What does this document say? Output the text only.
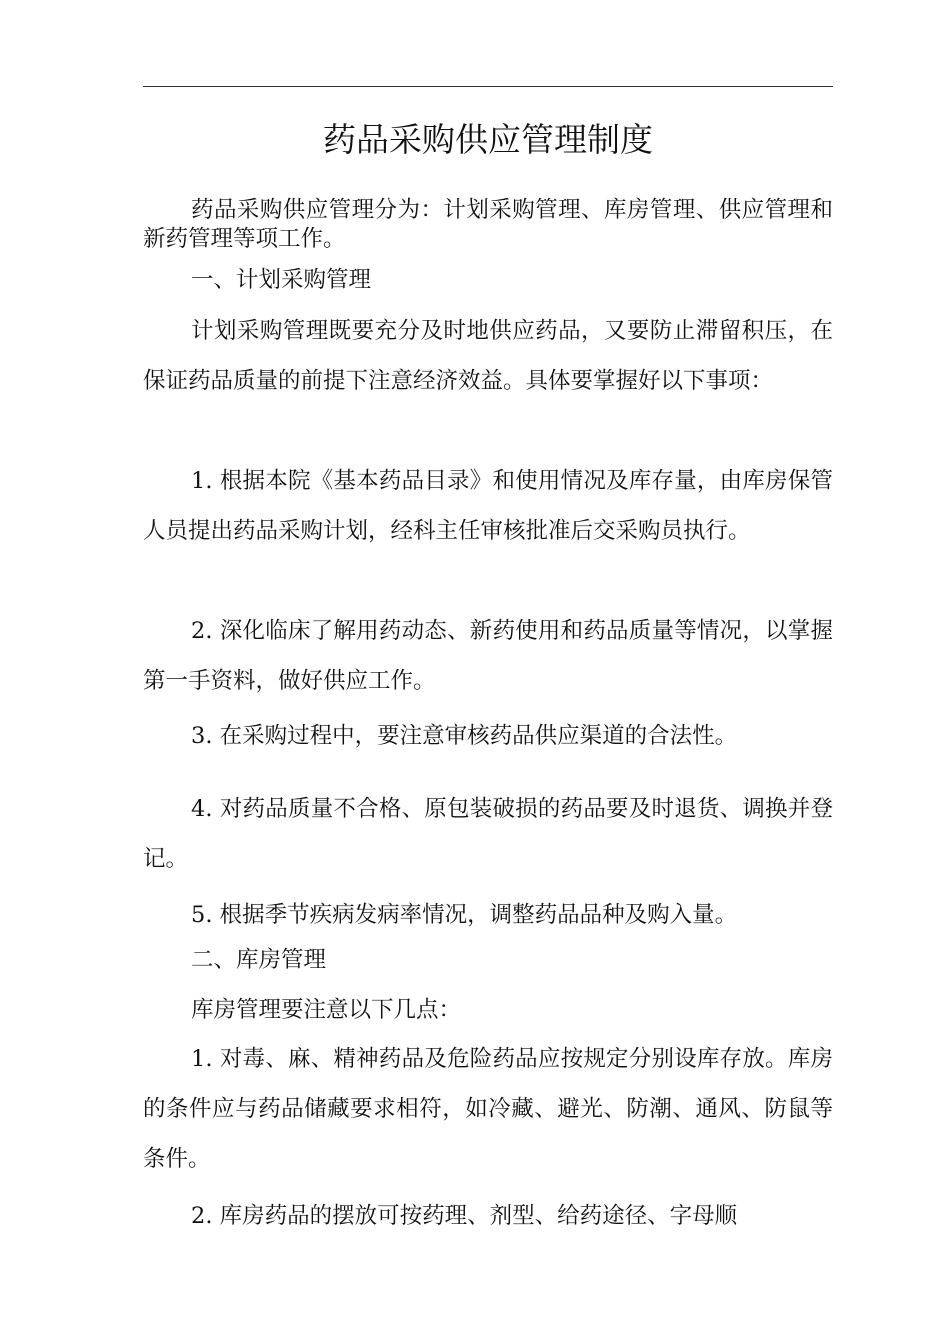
药品采购供应管理制度

药品采购供应管理分为：计划采购管理、库房管理、供应管理和新药管理等项工作。

一、计划采购管理

计划采购管理既要充分及时地供应药品，又要防止滞留积压，在保证药品质量的前提下注意经济效益。具体要掌握好以下事项：

1. 根据本院《基本药品目录》和使用情况及库存量，由库房保管人员提出药品采购计划，经科主任审核批准后交采购员执行。

2. 深化临床了解用药动态、新药使用和药品质量等情况，以掌握第一手资料，做好供应工作。

3. 在采购过程中，要注意审核药品供应渠道的合法性。

4. 对药品质量不合格、原包装破损的药品要及时退货、调换并登记。

5. 根据季节疾病发病率情况，调整药品品种及购入量。

二、库房管理

库房管理要注意以下几点：

1. 对毒、麻、精神药品及危险药品应按规定分别设库存放。库房的条件应与药品储藏要求相符，如冷藏、避光、防潮、通风、防鼠等条件。

2. 库房药品的摆放可按药理、剂型、给药途径、字母顺
